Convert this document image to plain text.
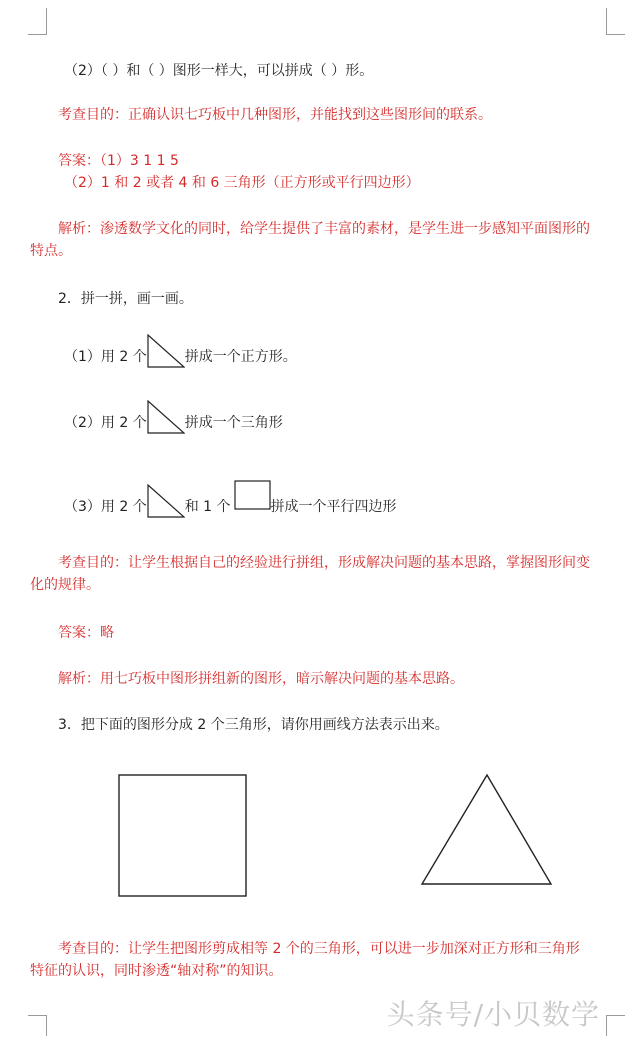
（2）（ ）和（ ）图形一样大，可以拼成（ ）形。
考查目的：正确认识七巧板中几种图形，并能找到这些图形间的联系。
答案：（1）3 1 1 5
（2）1 和 2 或者 4 和 6 三角形（正方形或平行四边形）
解析：渗透数学文化的同时，给学生提供了丰富的素材，是学生进一步感知平面图形的特点。
2．拼一拼，画一画。
（1）用 2 个	拼成一个正方形。
（2）用 2 个	拼成一个三角形
（3）用 2 个	和 1 个	拼成一个平行四边形
考查目的：让学生根据自己的经验进行拼组，形成解决问题的基本思路，掌握图形间变化的规律。
答案：略
解析：用七巧板中图形拼组新的图形，暗示解决问题的基本思路。
3．把下面的图形分成 2 个三角形，请你用画线方法表示出来。
考查目的：让学生把图形剪成相等 2 个的三角形，可以进一步加深对正方形和三角形特征的认识，同时渗透“轴对称”的知识。
头条号/小贝数学
